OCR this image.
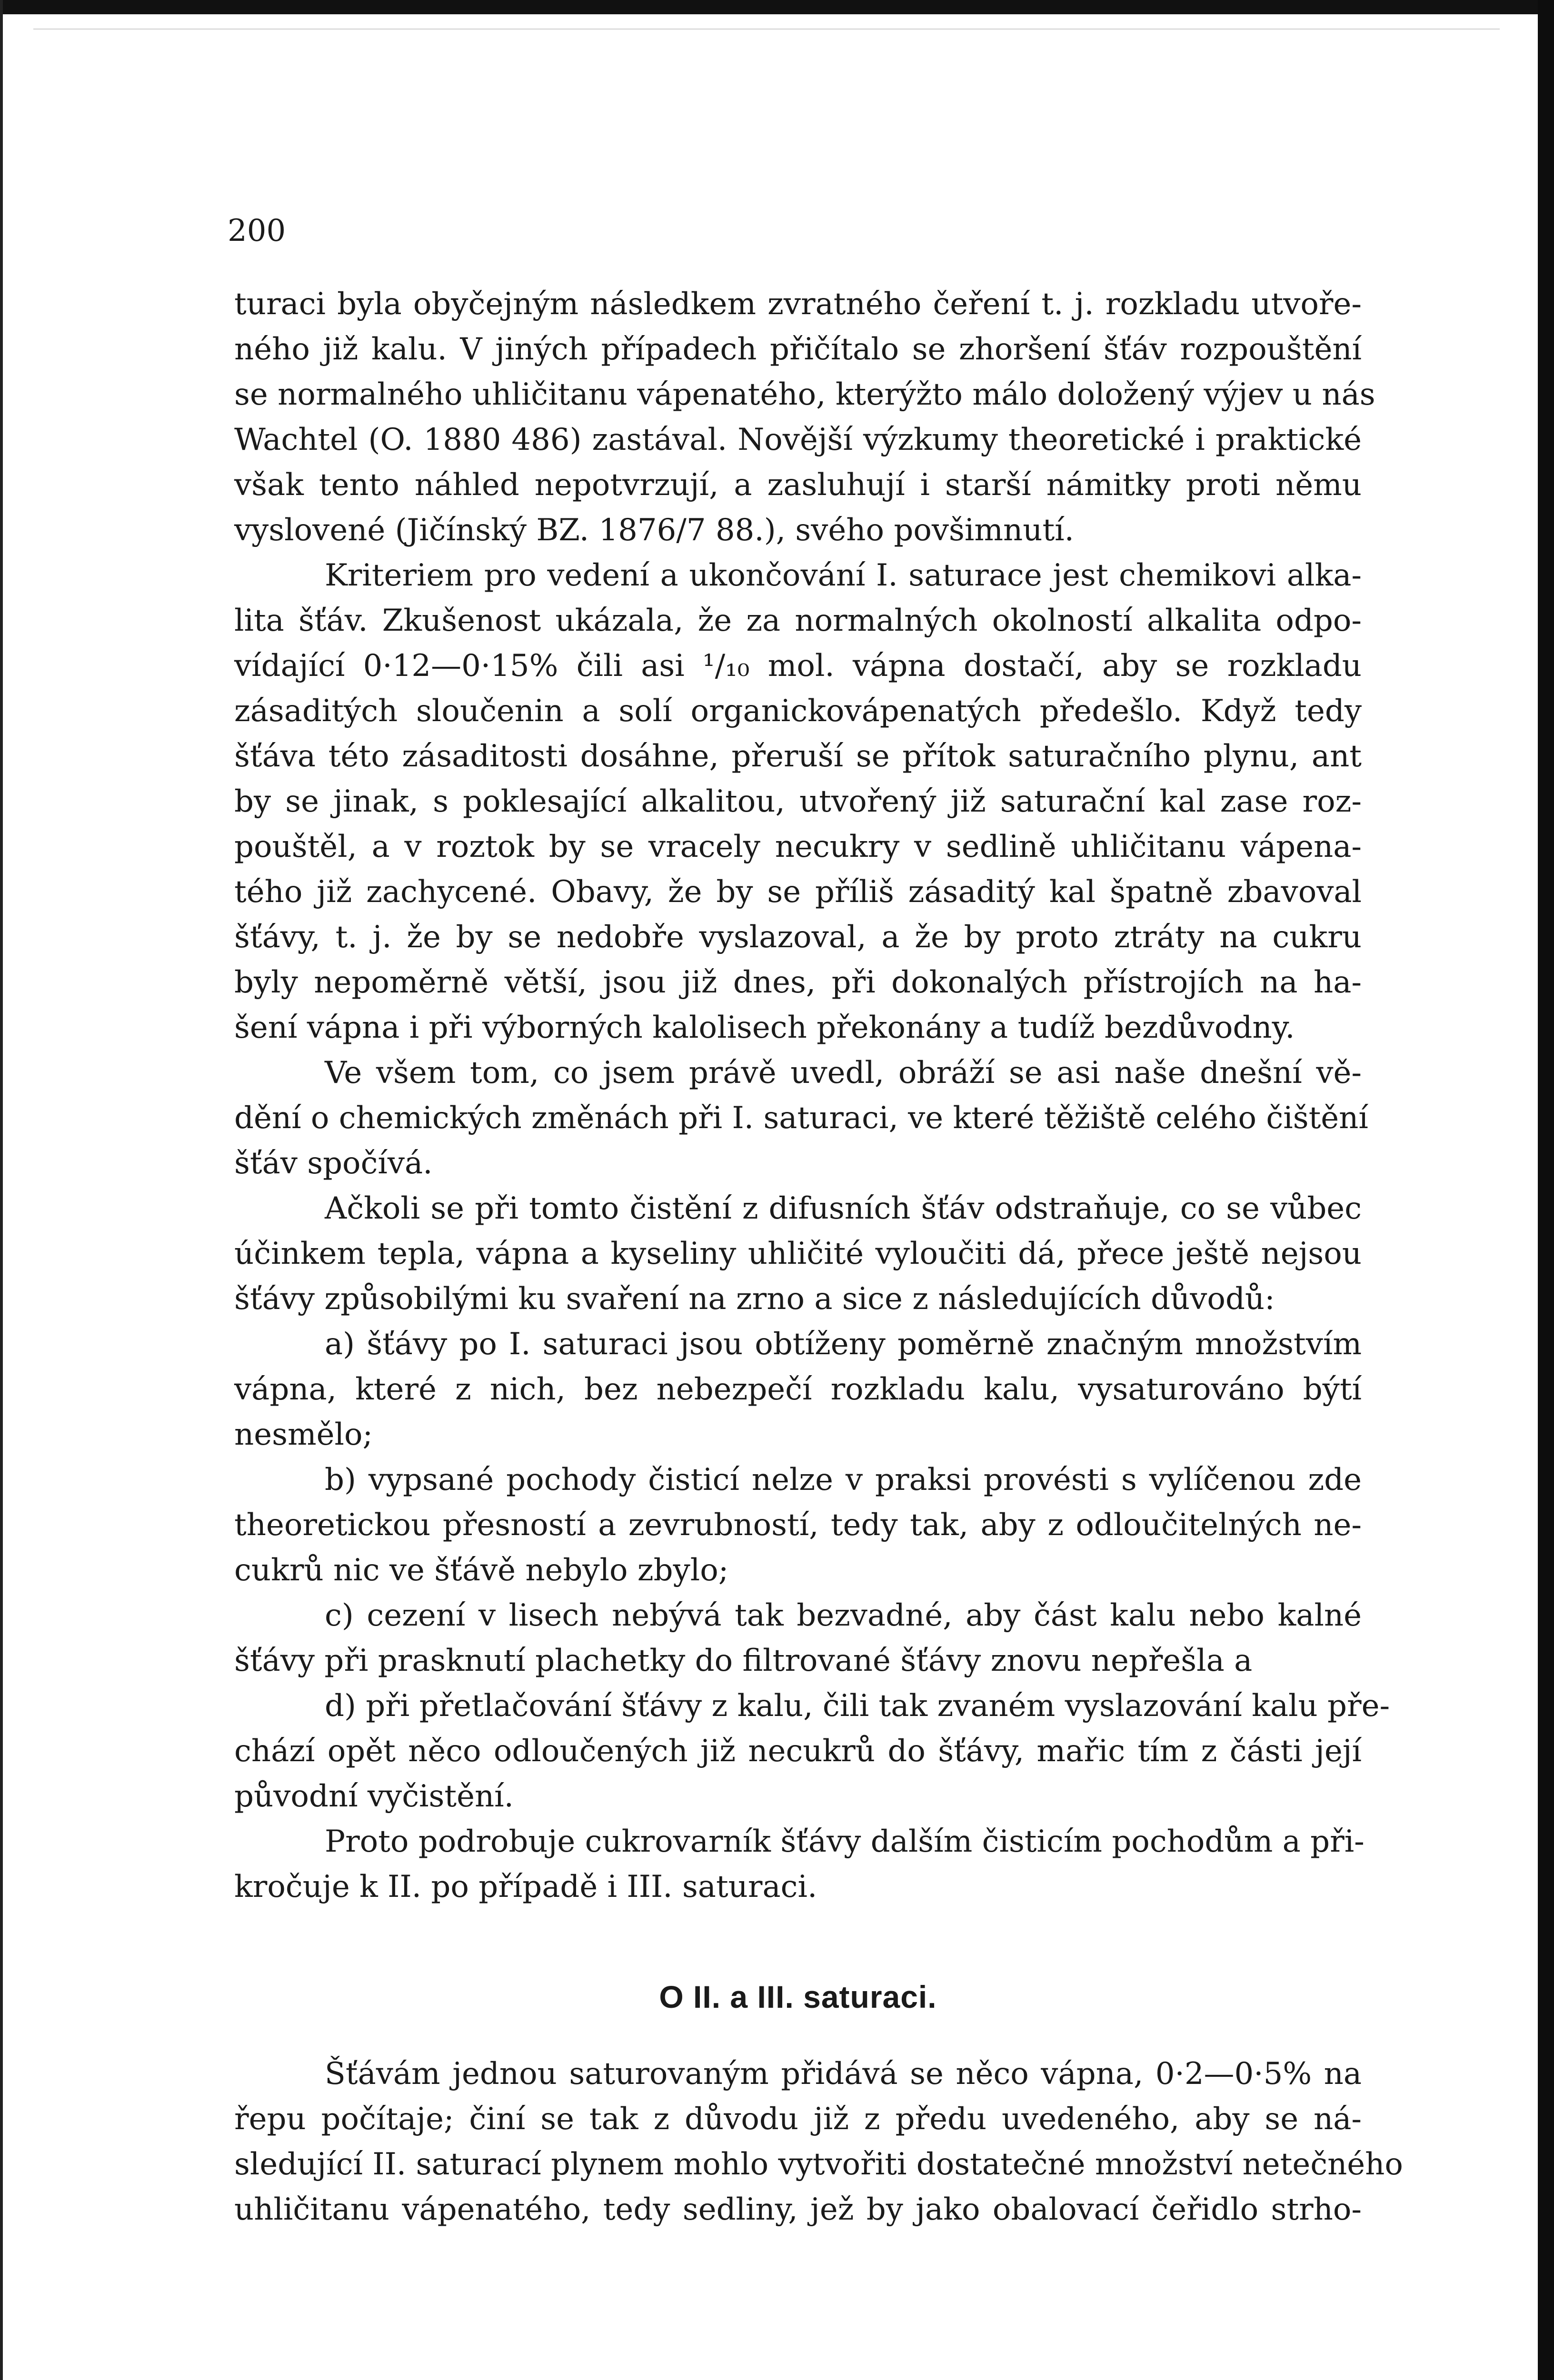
200
turaci byla obyčejným následkem zvratného čeření t. j. rozkladu utvoře-
ného již kalu. V jiných případech přičítalo se zhoršení šťáv rozpouštění
se normalného uhličitanu vápenatého, kterýžto málo doložený výjev u nás
Wachtel (O. 1880 486) zastával. Novější výzkumy theoretické i praktické
však tento náhled nepotvrzují, a zasluhují i starší námitky proti němu
vyslovené (Jičínský BZ. 1876/7 88.), svého povšimnutí.
Kriteriem pro vedení a ukončování I. saturace jest chemikovi alka-
lita šťáv. Zkušenost ukázala, že za normalných okolností alkalita odpo-
vídající 0·12—0·15% čili asi ¹/₁₀ mol. vápna dostačí, aby se rozkladu
zásaditých sloučenin a solí organickovápenatých předešlo. Když tedy
šťáva této zásaditosti dosáhne, přeruší se přítok saturačního plynu, ant
by se jinak, s poklesající alkalitou, utvořený již saturační kal zase roz-
pouštěl, a v roztok by se vracely necukry v sedlině uhličitanu vápena-
tého již zachycené. Obavy, že by se příliš zásaditý kal špatně zbavoval
šťávy, t. j. že by se nedobře vyslazoval, a že by proto ztráty na cukru
byly nepoměrně větší, jsou již dnes, při dokonalých přístrojích na ha-
šení vápna i při výborných kalolisech překonány a tudíž bezdůvodny.
Ve všem tom, co jsem právě uvedl, obráží se asi naše dnešní vě-
dění o chemických změnách při I. saturaci, ve které těžiště celého čištění
šťáv spočívá.
Ačkoli se při tomto čistění z difusních šťáv odstraňuje, co se vůbec
účinkem tepla, vápna a kyseliny uhličité vyloučiti dá, přece ještě nejsou
šťávy způsobilými ku svaření na zrno a sice z následujících důvodů:
a) šťávy po I. saturaci jsou obtíženy poměrně značným množstvím
vápna, které z nich, bez nebezpečí rozkladu kalu, vysaturováno býtí
nesmělo;
b) vypsané pochody čisticí nelze v praksi provésti s vylíčenou zde
theoretickou přesností a zevrubností, tedy tak, aby z odloučitelných ne-
cukrů nic ve šťávě nebylo zbylo;
c) cezení v lisech nebývá tak bezvadné, aby část kalu nebo kalné
šťávy při prasknutí plachetky do filtrované šťávy znovu nepřešla a
d) při přetlačování šťávy z kalu, čili tak zvaném vyslazování kalu pře-
chází opět něco odloučených již necukrů do šťávy, mařic tím z části její
původní vyčistění.
Proto podrobuje cukrovarník šťávy dalším čisticím pochodům a při-
kročuje k II. po případě i III. saturaci.
O II. a III. saturaci.
Šťávám jednou saturovaným přidává se něco vápna, 0·2—0·5% na
řepu počítaje; činí se tak z důvodu již z předu uvedeného, aby se ná-
sledující II. saturací plynem mohlo vytvořiti dostatečné množství netečného
uhličitanu vápenatého, tedy sedliny, jež by jako obalovací čeřidlo strho-
